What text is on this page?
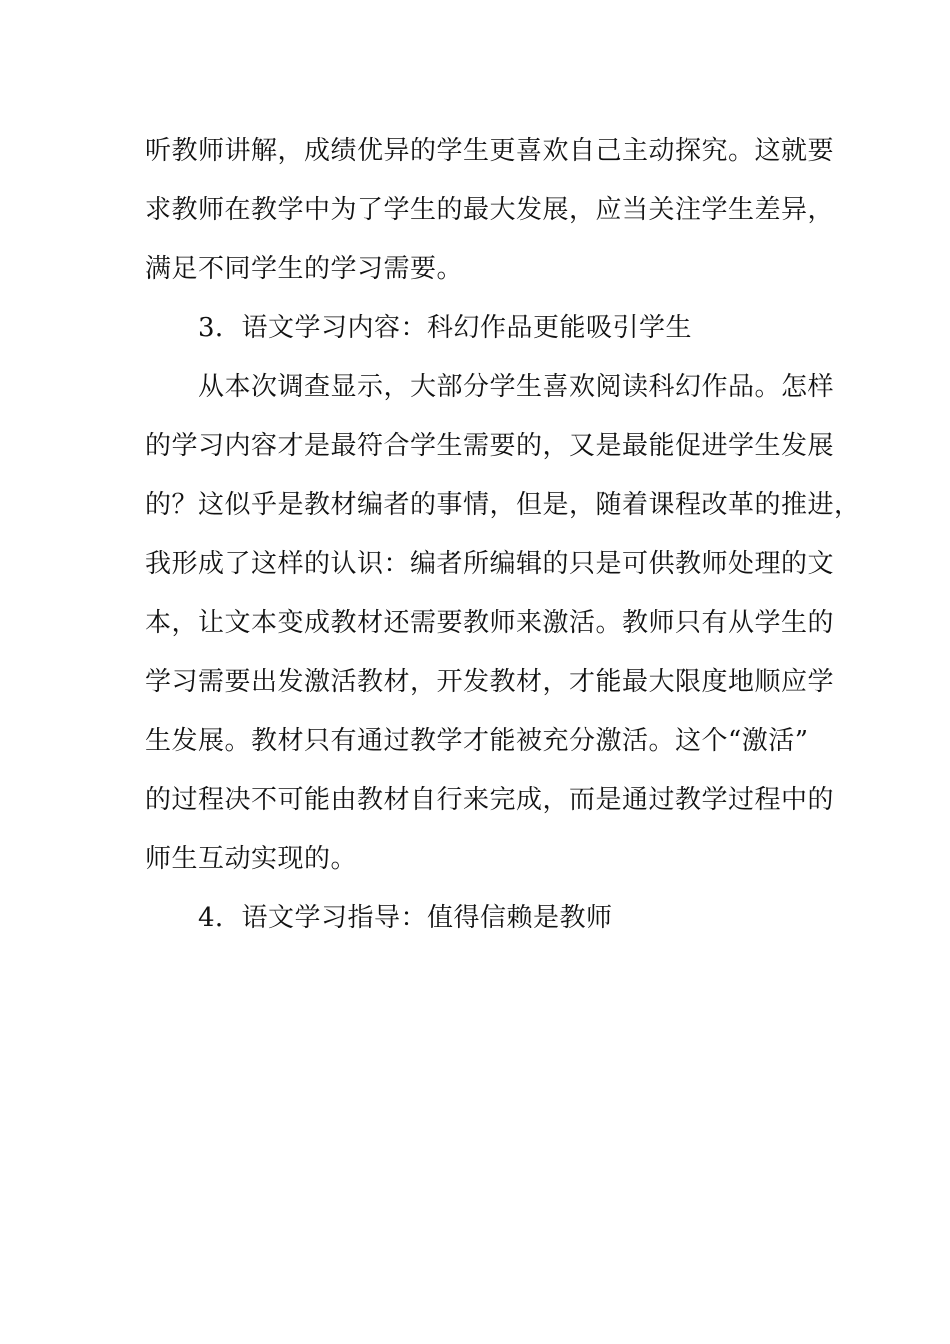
听教师讲解，成绩优异的学生更喜欢自己主动探究。这就要
求教师在教学中为了学生的最大发展，应当关注学生差异，
满足不同学生的学习需要。
3．语文学习内容：科幻作品更能吸引学生
从本次调查显示，大部分学生喜欢阅读科幻作品。怎样
的学习内容才是最符合学生需要的，又是最能促进学生发展
的？这似乎是教材编者的事情，但是，随着课程改革的推进，
我形成了这样的认识：编者所编辑的只是可供教师处理的文
本，让文本变成教材还需要教师来激活。教师只有从学生的
学习需要出发激活教材，开发教材，才能最大限度地顺应学
生发展。教材只有通过教学才能被充分激活。这个“激活”
的过程决不可能由教材自行来完成，而是通过教学过程中的
师生互动实现的。
4．语文学习指导：值得信赖是教师
